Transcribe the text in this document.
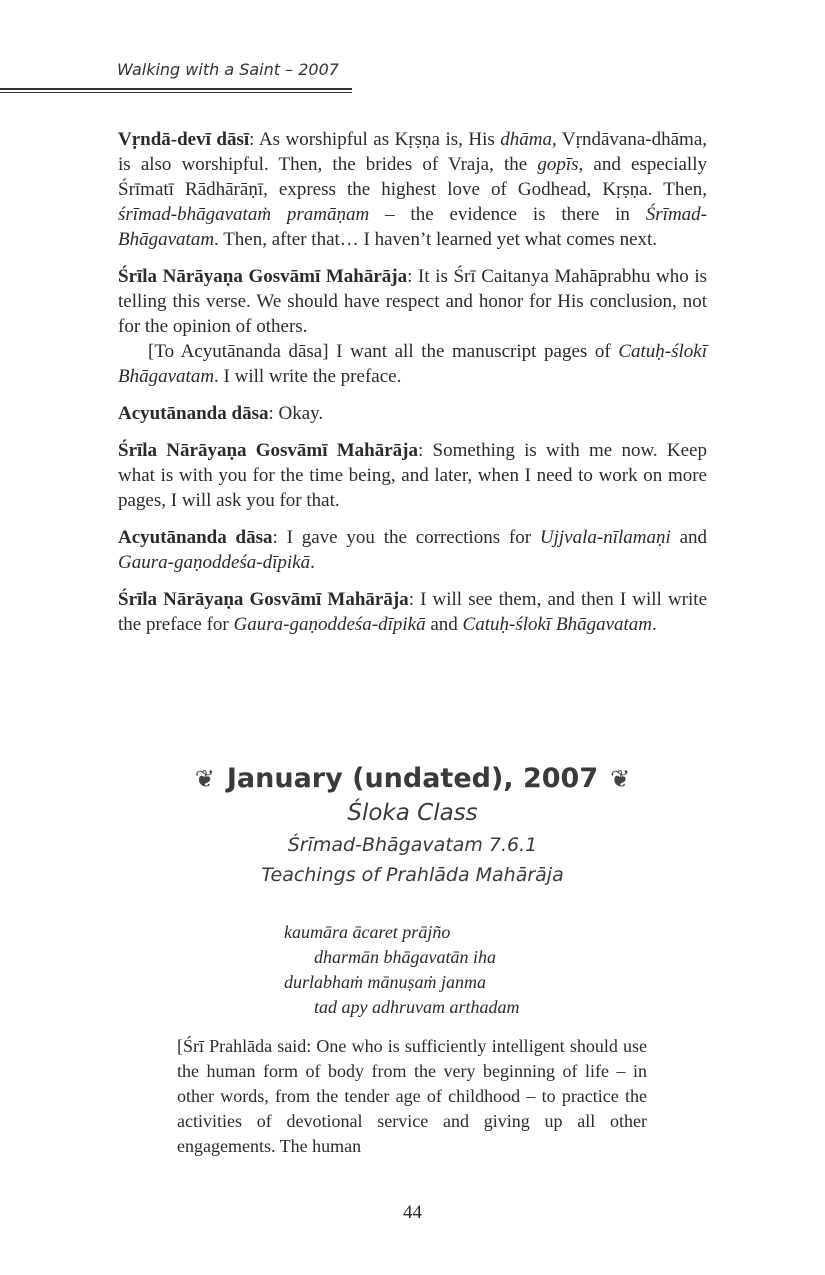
Walking with a Saint – 2007

Vṛndā-devī dāsī: As worshipful as Kṛṣṇa is, His dhāma, Vṛndāvana-dhāma, is also worshipful. Then, the brides of Vraja, the gopīs, and especially Śrīmatī Rādhārāṇī, express the highest love of Godhead, Kṛṣṇa. Then, śrīmad-bhāgavataṁ pramāṇam – the evidence is there in Śrīmad-Bhāgavatam. Then, after that… I haven’t learned yet what comes next.

Śrīla Nārāyaṇa Gosvāmī Mahārāja: It is Śrī Caitanya Mahāprabhu who is telling this verse. We should have respect and honor for His conclusion, not for the opinion of others.

[To Acyutānanda dāsa] I want all the manuscript pages of Catuḥ-ślokī Bhāgavatam. I will write the preface.

Acyutānanda dāsa: Okay.

Śrīla Nārāyaṇa Gosvāmī Mahārāja: Something is with me now. Keep what is with you for the time being, and later, when I need to work on more pages, I will ask you for that.

Acyutānanda dāsa: I gave you the corrections for Ujjvala-nīlamaṇi and Gaura-gaṇoddeśa-dīpikā.

Śrīla Nārāyaṇa Gosvāmī Mahārāja: I will see them, and then I will write the preface for Gaura-gaṇoddeśa-dīpikā and Catuḥ-ślokī Bhāgavatam.

❦ January (undated), 2007 ❦
Śloka Class
Śrīmad-Bhāgavatam 7.6.1
Teachings of Prahlāda Mahārāja
kaumāra ācaret prājño
dharmān bhāgavatān iha
durlabhaṁ mānuṣaṁ janma
tad apy adhruvam arthadam
[Śrī Prahlāda said: One who is sufficiently intelligent should use the human form of body from the very beginning of life – in other words, from the tender age of childhood – to practice the activities of devotional service and giving up all other engagements. The human
44
